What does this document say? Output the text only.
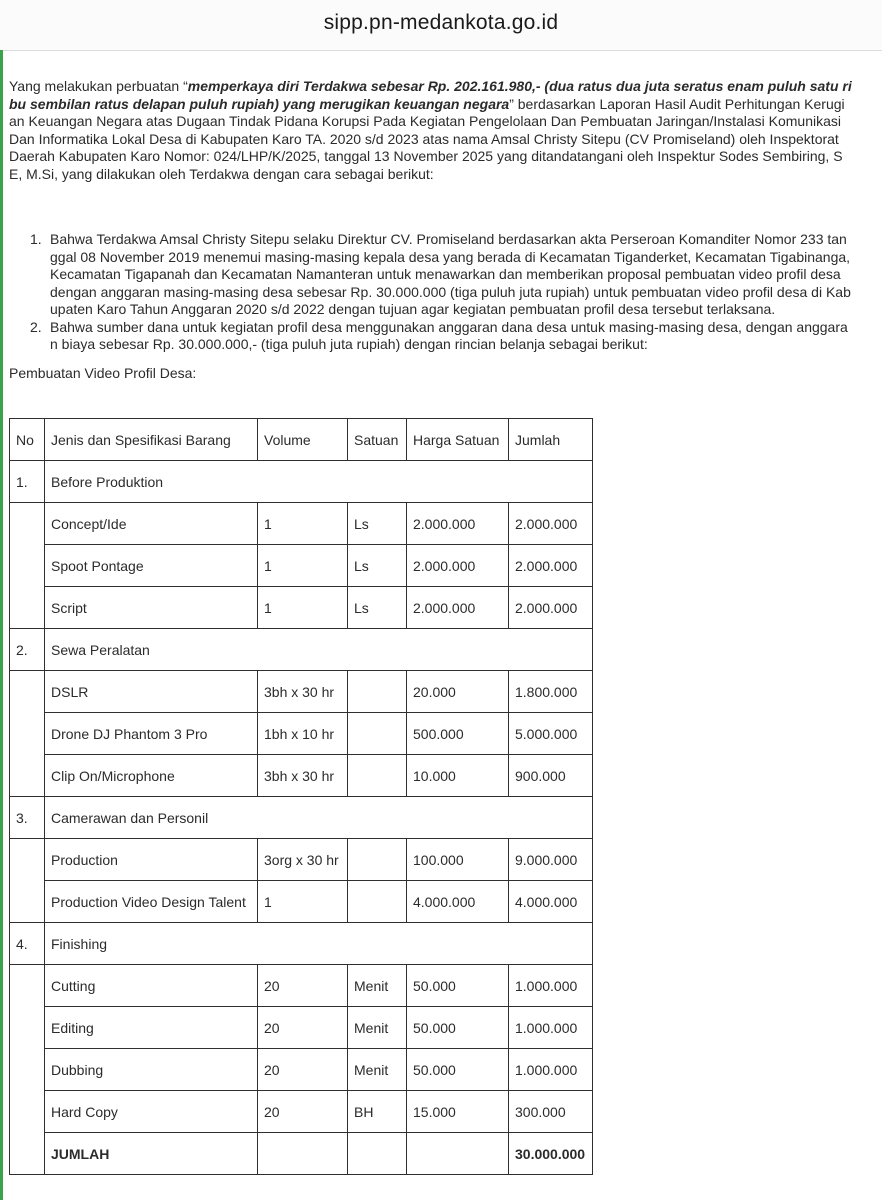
sipp.pn-medankota.go.id

Yang melakukan perbuatan “memperkaya diri Terdakwa sebesar Rp. 202.161.980,- (dua ratus dua juta seratus enam puluh satu ri
bu sembilan ratus delapan puluh rupiah) yang merugikan keuangan negara” berdasarkan Laporan Hasil Audit Perhitungan Kerugi
an Keuangan Negara atas Dugaan Tindak Pidana Korupsi Pada Kegiatan Pengelolaan Dan Pembuatan Jaringan/Instalasi Komunikasi
Dan Informatika Lokal Desa di Kabupaten Karo TA. 2020 s/d 2023 atas nama Amsal Christy Sitepu (CV Promiseland) oleh Inspektorat
Daerah Kabupaten Karo Nomor: 024/LHP/K/2025, tanggal 13 November 2025 yang ditandatangani oleh Inspektur Sodes Sembiring, S
E, M.Si, yang dilakukan oleh Terdakwa dengan cara sebagai berikut:

1. Bahwa Terdakwa Amsal Christy Sitepu selaku Direktur CV. Promiseland berdasarkan akta Perseroan Komanditer Nomor 233 tan
ggal 08 November 2019 menemui masing-masing kepala desa yang berada di Kecamatan Tiganderket, Kecamatan Tigabinanga,
Kecamatan Tigapanah dan Kecamatan Namanteran untuk menawarkan dan memberikan proposal pembuatan video profil desa
dengan anggaran masing-masing desa sebesar Rp. 30.000.000 (tiga puluh juta rupiah) untuk pembuatan video profil desa di Kab
upaten Karo Tahun Anggaran 2020 s/d 2022 dengan tujuan agar kegiatan pembuatan profil desa tersebut terlaksana.

2. Bahwa sumber dana untuk kegiatan profil desa menggunakan anggaran dana desa untuk masing-masing desa, dengan anggara
n biaya sebesar Rp. 30.000.000,- (tiga puluh juta rupiah) dengan rincian belanja sebagai berikut:

Pembuatan Video Profil Desa:
No	Jenis dan Spesifikasi Barang	Volume	Satuan	Harga Satuan	Jumlah
1.	Before Produktion				
	Concept/Ide	1	Ls	2.000.000	2.000.000
	Spoot Pontage	1	Ls	2.000.000	2.000.000
	Script	1	Ls	2.000.000	2.000.000
2.	Sewa Peralatan				
	DSLR	3bh x 30 hr		20.000	1.800.000
	Drone DJ Phantom 3 Pro	1bh x 10 hr		500.000	5.000.000
	Clip On/Microphone	3bh x 30 hr		10.000	900.000
3.	Camerawan dan Personil				
	Production	3org x 30 hr		100.000	9.000.000
	Production Video Design Talent	1		4.000.000	4.000.000
4.	Finishing				
	Cutting	20	Menit	50.000	1.000.000
	Editing	20	Menit	50.000	1.000.000
	Dubbing	20	Menit	50.000	1.000.000
	Hard Copy	20	BH	15.000	300.000
	JUMLAH				30.000.000
